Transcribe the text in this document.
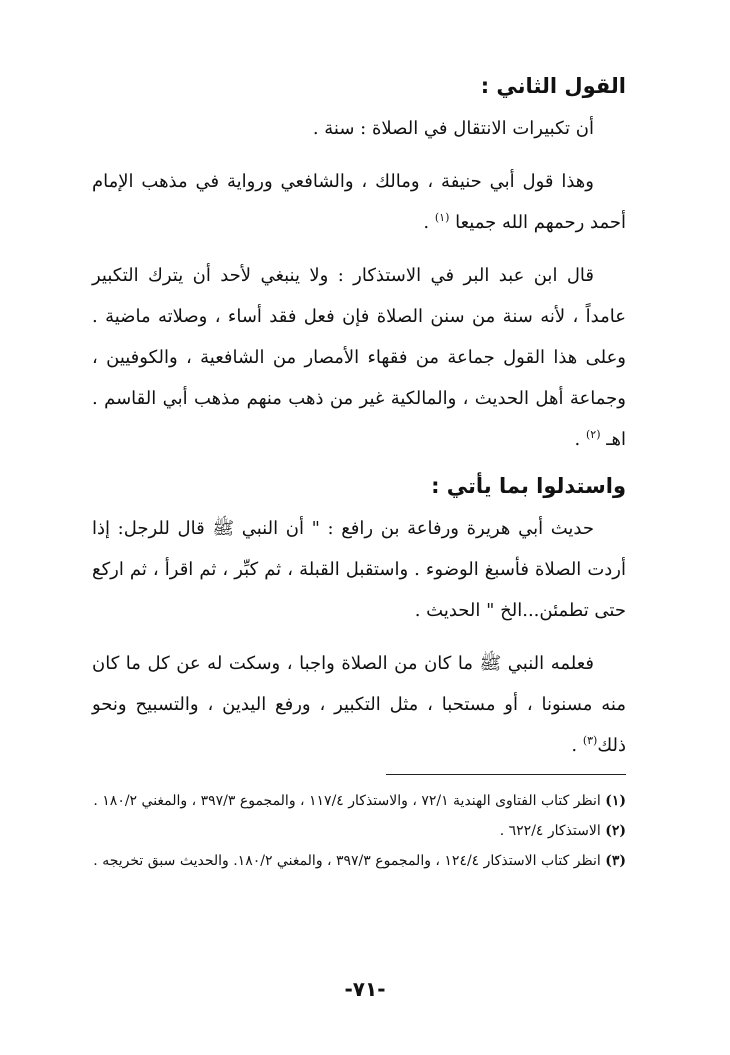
القول الثاني :

أن تكبيرات الانتقال في الصلاة : سنة .

وهذا قول أبي حنيفة ، ومالك ، والشافعي ورواية في مذهب الإمام أحمد رحمهم الله جميعا $^{(١)}$ .

قال ابن عبد البر في الاستذكار : ولا ينبغي لأحد أن يترك التكبير عامداً ، لأنه سنة من سنن الصلاة فإن فعل فقد أساء ، وصلاته ماضية . وعلى هذا القول جماعة من فقهاء الأمصار من الشافعية ، والكوفيين ، وجماعة أهل الحديث ، والمالكية غير من ذهب منهم مذهب أبي القاسم . اهـ $^{(٢)}$ .

واستدلوا بما يأتي :

حديث أبي هريرة ورفاعة بن رافع : " أن النبي ﷺ قال للرجل: إذا أردت الصلاة فأسبغ الوضوء . واستقبل القبلة ، ثم كبِّر ، ثم اقرأ ، ثم اركع حتى تطمئن...الخ " الحديث .

فعلمه النبي ﷺ ما كان من الصلاة واجبا ، وسكت له عن كل ما كان منه مسنونا ، أو مستحبا ، مثل التكبير ، ورفع اليدين ، والتسبيح ونحو ذلك$^{(٣)}$ .

(١) انظر كتاب الفتاوى الهندية ٧٢/١ ، والاستذكار ١١٧/٤ ، والمجموع ٣٩٧/٣ ، والمغني ١٨٠/٢ .

(٢) الاستذكار ٦٢٢/٤ .

(٣) انظر كتاب الاستذكار ١٢٤/٤ ، والمجموع ٣٩٧/٣ ، والمغني ١٨٠/٢. والحديث سبق تخريجه .

-٧١-
